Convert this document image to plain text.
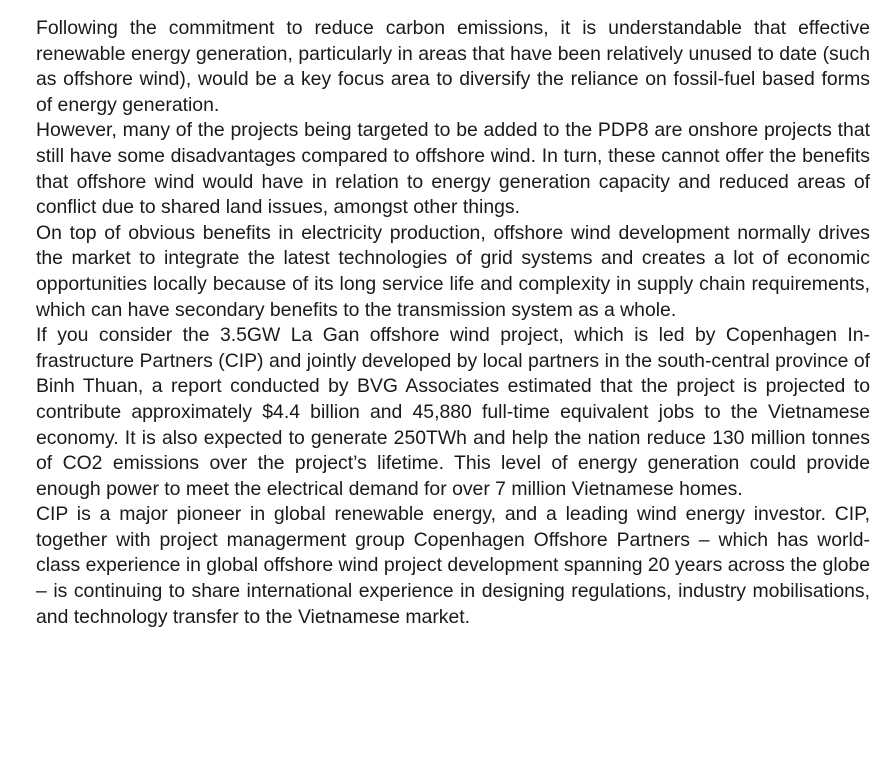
Following the commitment to reduce carbon emissions, it is understandable that effective renewable energy generation, particularly in areas that have been relatively unused to date (such as offshore wind), would be a key focus area to diversify the reliance on fossil-fuel based forms of energy generation.

However, many of the projects being targeted to be added to the PDP8 are onshore projects that still have some disadvantages compared to offshore wind. In turn, these cannot offer the benefits that offshore wind would have in relation to energy generation capacity and reduced areas of conflict due to shared land issues, amongst other things.

On top of obvious benefits in electricity production, offshore wind development normally drives the market to integrate the latest technologies of grid systems and creates a lot of economic opportunities locally because of its long service life and complexity in supply chain requirements, which can have secondary benefits to the transmission system as a whole.

If you consider the 3.5GW La Gan offshore wind project, which is led by Copenhagen Infrastructure Partners (CIP) and jointly developed by local partners in the south-central province of Binh Thuan, a report conducted by BVG Associates estimated that the project is projected to contribute approximately $4.4 billion and 45,880 full-time equivalent jobs to the Vietnamese economy. It is also expected to generate 250TWh and help the nation reduce 130 million tonnes of CO2 emissions over the project’s lifetime. This level of energy generation could provide enough power to meet the electrical demand for over 7 million Vietnamese homes.

CIP is a major pioneer in global renewable energy, and a leading wind energy investor. CIP, together with project managerment group Copenhagen Offshore Partners – which has world-class experience in global offshore wind project development spanning 20 years across the globe – is continuing to share international experience in designing regulations, industry mobilisations, and technology transfer to the Vietnamese market.
